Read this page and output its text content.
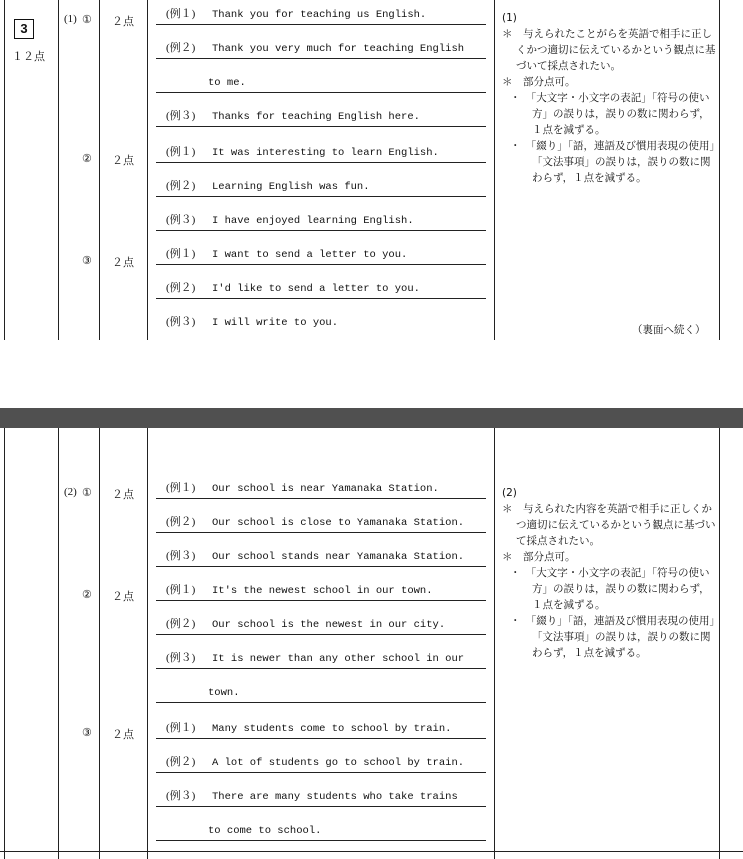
3
１２点
(1) ① ２点
(例１) Thank you for teaching us English.
(例２) Thank you very much for teaching English
to me.
(例３) Thanks for teaching English here.
② ２点
(例１) It was interesting to learn English.
(例２) Learning English was fun.
(例３) I have enjoyed learning English.
③ ２点
(例１) I want to send a letter to you.
(例２) I'd like to send a letter to you.
(例３) I will write to you.

(1)

＊　与えられたことがらを英語で相手に正しくかつ適切に伝えているかという観点に基づいて採点されたい。
＊　部分点可。
・　「大文字・小文字の表記」「符号の使い方」の誤りは，誤りの数に関わらず，１点を減ずる。
・　「綴り」「語，連語及び慣用表現の使用」「文法事項」の誤りは，誤りの数に関わらず，１点を減ずる。
（裏面へ続く）
(2) ① ２点
(例１) Our school is near Yamanaka Station.
(例２) Our school is close to Yamanaka Station.
(例３) Our school stands near Yamanaka Station.
② ２点
(例１) It's the newest school in our town.
(例２) Our school is the newest in our city.
(例３) It is newer than any other school in our
town.
③ ２点
(例１) Many students come to school by train.
(例２) A lot of students go to school by train.
(例３) There are many students who take trains
to come to school.

(2)

＊　与えられた内容を英語で相手に正しくかつ適切に伝えているかという観点に基づいて採点されたい。
＊　部分点可。
・　「大文字・小文字の表記」「符号の使い方」の誤りは，誤りの数に関わらず，１点を減ずる。
・　「綴り」「語，連語及び慣用表現の使用」「文法事項」の誤りは，誤りの数に関わらず，１点を減ずる。
